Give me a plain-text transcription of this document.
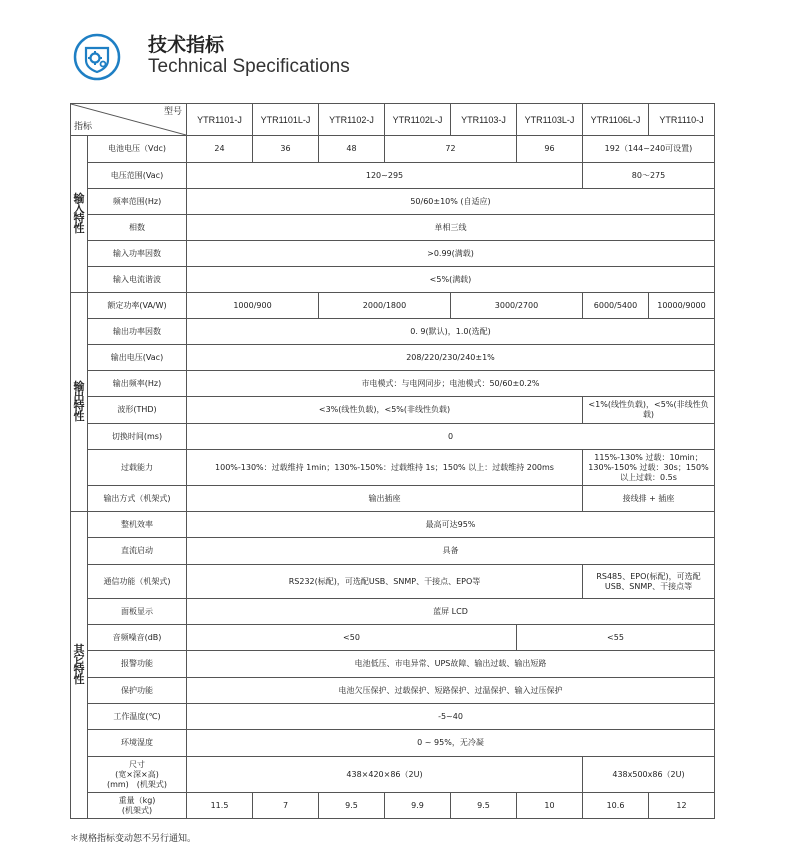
技术指标
Technical Specifications
型号
指标		YTR1101-J	YTR1101L-J	YTR1102-J	YTR1102L-J	YTR1103-J	YTR1103L-J	YTR1106L-J	YTR1110-J
输入特性	电池电压（Vdc)	24	36	48	72		96	192（144~240可设置)	
	电压范围(Vac)	120~295						80～275	
	频率范围(Hz)	50/60±10% (自适应)							
	相数	单相三线							
	输入功率因数	>0.99(满载)							
	输入电流谐波	<5%(满载)							
输出特性	额定功率(VA/W)	1000/900		2000/1800		3000/2700		6000/5400	10000/9000
	输出功率因数	0. 9(默认)，1.0(选配)							
	输出电压(Vac)	208/220/230/240±1%							
	输出频率(Hz)	市电模式：与电网同步；电池模式：50/60±0.2%							
	波形(THD)	<3%(线性负载)，<5%(非线性负载)						<1%(线性负载)，<5%(非线性负载)	
	切换时间(ms)	0							
	过载能力	100%-130%：过载维持 1min；130%-150%：过载维持 1s；150% 以上：过载维持 200ms						115%-130% 过载：10min；130%-150% 过载：30s；150% 以上过载：0.5s	
	输出方式（机架式)	输出插座						接线排 + 插座	
其它特性	整机效率	最高可达95%							
	直流启动	具备							
	通信功能（机架式)	RS232(标配)，可选配USB、SNMP、干接点、EPO等						RS485、EPO(标配)，可选配USB、SNMP、干接点等	
	面板显示	蓝屏 LCD							
	音频噪音(dB)	<50					<55		
	报警功能	电池低压、市电异常、UPS故障、输出过载、输出短路							
	保护功能	电池欠压保护、过载保护、短路保护、过温保护、输入过压保护							
	工作温度(℃)	-5~40							
	环境湿度	0 ~ 95%，无冷凝							

	尺寸
(宽×深×高)
(mm)　(机架式)	438×420×86（2U)						438x500x86（2U)	

	重量（kg)
(机架式)	11.5	7	9.5	9.9	9.5	10	10.6	12
＊规格指标变动恕不另行通知。
